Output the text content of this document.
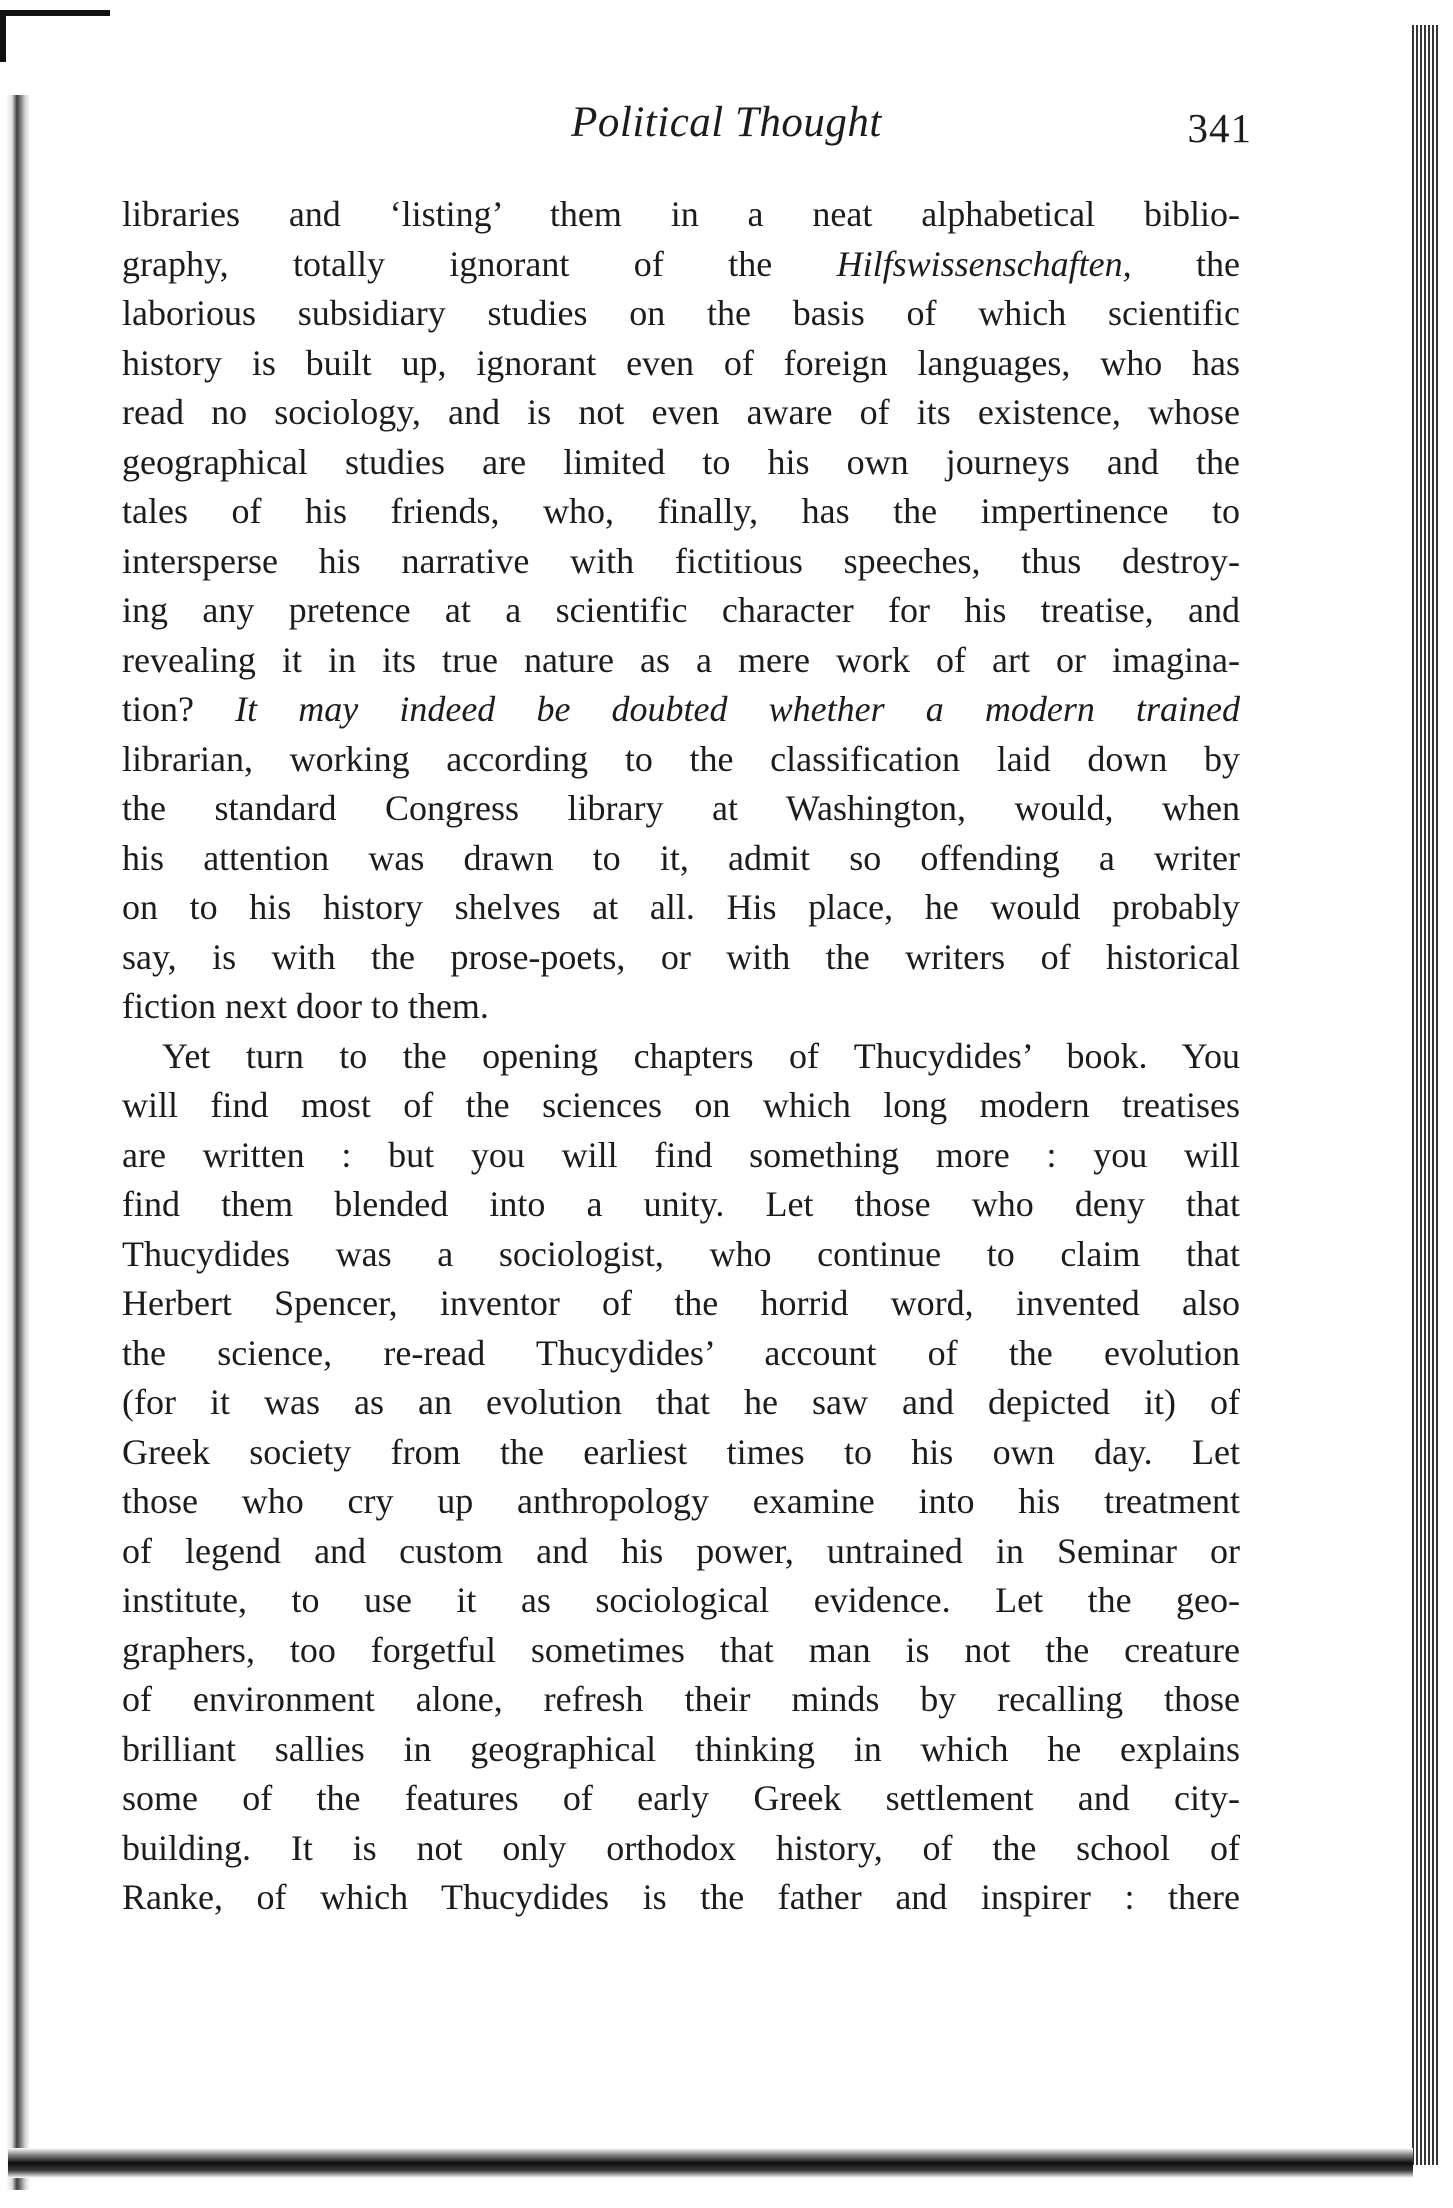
Political Thought	341
libraries and ‘listing’ them in a neat alphabetical biblio-
graphy, totally ignorant of the Hilfswissenschaften, the
laborious subsidiary studies on the basis of which scientific
history is built up, ignorant even of foreign languages, who has
read no sociology, and is not even aware of its existence, whose
geographical studies are limited to his own journeys and the
tales of his friends, who, finally, has the impertinence to
intersperse his narrative with fictitious speeches, thus destroy-
ing any pretence at a scientific character for his treatise, and
revealing it in its true nature as a mere work of art or imagina-
tion? It may indeed be doubted whether a modern trained
librarian, working according to the classification laid down by
the standard Congress library at Washington, would, when
his attention was drawn to it, admit so offending a writer
on to his history shelves at all. His place, he would probably
say, is with the prose-poets, or with the writers of historical
fiction next door to them.
Yet turn to the opening chapters of Thucydides’ book. You
will find most of the sciences on which long modern treatises
are written : but you will find something more : you will
find them blended into a unity. Let those who deny that
Thucydides was a sociologist, who continue to claim that
Herbert Spencer, inventor of the horrid word, invented also
the science, re-read Thucydides’ account of the evolution
(for it was as an evolution that he saw and depicted it) of
Greek society from the earliest times to his own day. Let
those who cry up anthropology examine into his treatment
of legend and custom and his power, untrained in Seminar or
institute, to use it as sociological evidence. Let the geo-
graphers, too forgetful sometimes that man is not the creature
of environment alone, refresh their minds by recalling those
brilliant sallies in geographical thinking in which he explains
some of the features of early Greek settlement and city-
building. It is not only orthodox history, of the school of
Ranke, of which Thucydides is the father and inspirer : there
